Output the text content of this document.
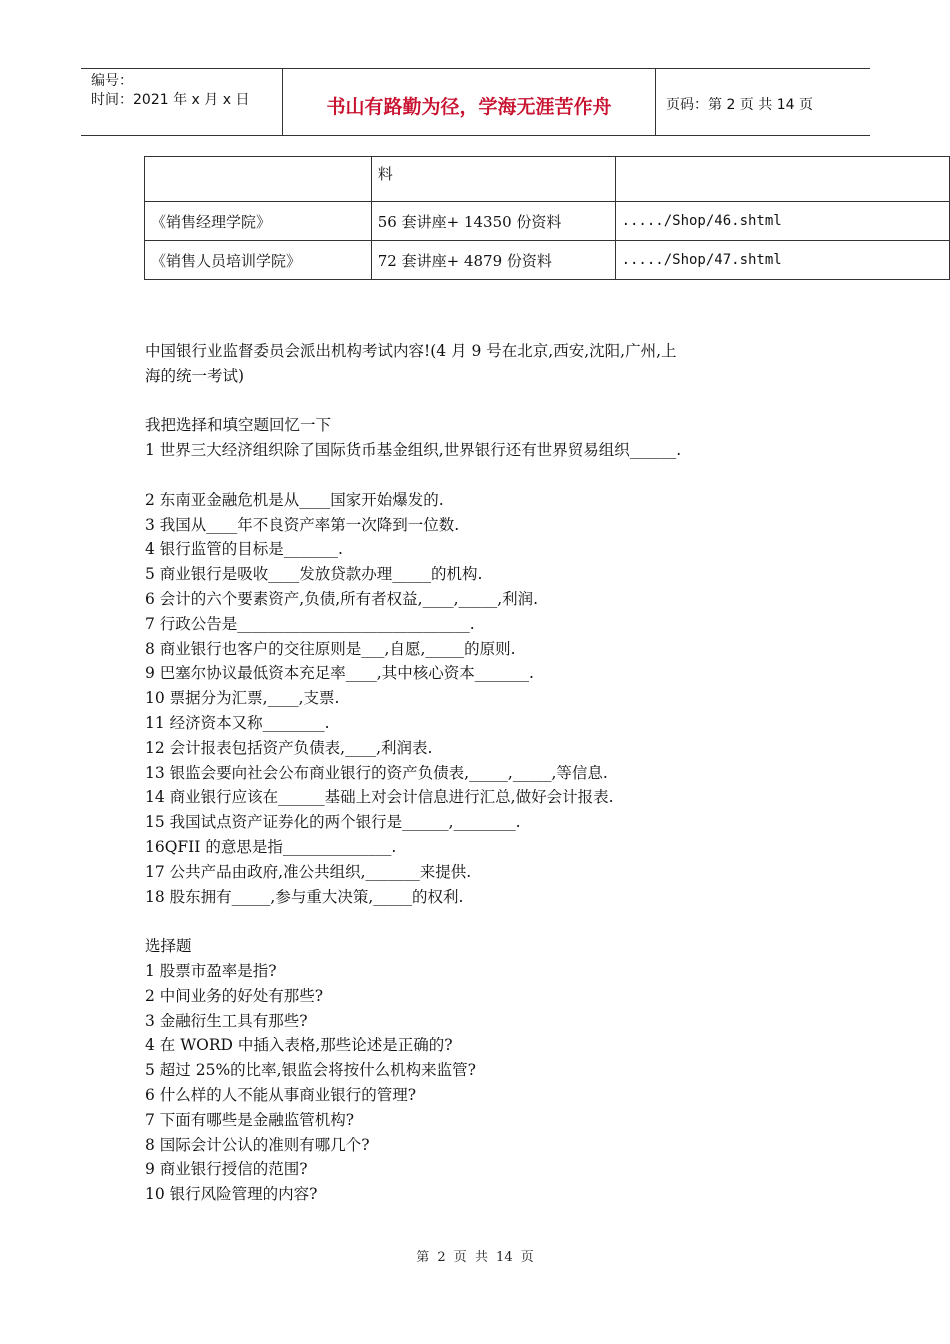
编号：
时间：2021 年 x 月 x 日	书山有路勤为径，学海无涯苦作舟	页码：第 2 页 共 14 页
	料	
《销售经理学院》	56 套讲座+ 14350 份资料	...../Shop/46.shtml
《销售人员培训学院》	72 套讲座+ 4879 份资料	...../Shop/47.shtml

中国银行业监督委员会派出机构考试内容!(4 月 9 号在北京,西安,沈阳,广州,上

海的统一考试)

我把选择和填空题回忆一下

1 世界三大经济组织除了国际货币基金组织,世界银行还有世界贸易组织______.

2 东南亚金融危机是从____国家开始爆发的.

3 我国从____年不良资产率第一次降到一位数.

4 银行监管的目标是_______.

5 商业银行是吸收____发放贷款办理_____的机构.

6 会计的六个要素资产,负债,所有者权益,____,_____,利润.

7 行政公告是______________________________.

8 商业银行也客户的交往原则是___,自愿,_____的原则.

9 巴塞尔协议最低资本充足率____,其中核心资本_______.

10 票据分为汇票,____,支票.

11 经济资本又称________.

12 会计报表包括资产负债表,____,利润表.

13 银监会要向社会公布商业银行的资产负债表,_____,_____,等信息.

14 商业银行应该在______基础上对会计信息进行汇总,做好会计报表.

15 我国试点资产证券化的两个银行是______,________.

16QFII 的意思是指______________.

17 公共产品由政府,准公共组织,_______来提供.

18 股东拥有_____,参与重大决策,_____的权利.

选择题

1 股票市盈率是指?

2 中间业务的好处有那些?

3 金融衍生工具有那些?

4 在 WORD 中插入表格,那些论述是正确的?

5 超过 25%的比率,银监会将按什么机构来监管?

6 什么样的人不能从事商业银行的管理?

7 下面有哪些是金融监管机构?

8 国际会计公认的准则有哪几个?

9 商业银行授信的范围?

10 银行风险管理的内容?

第 2 页 共 14 页
